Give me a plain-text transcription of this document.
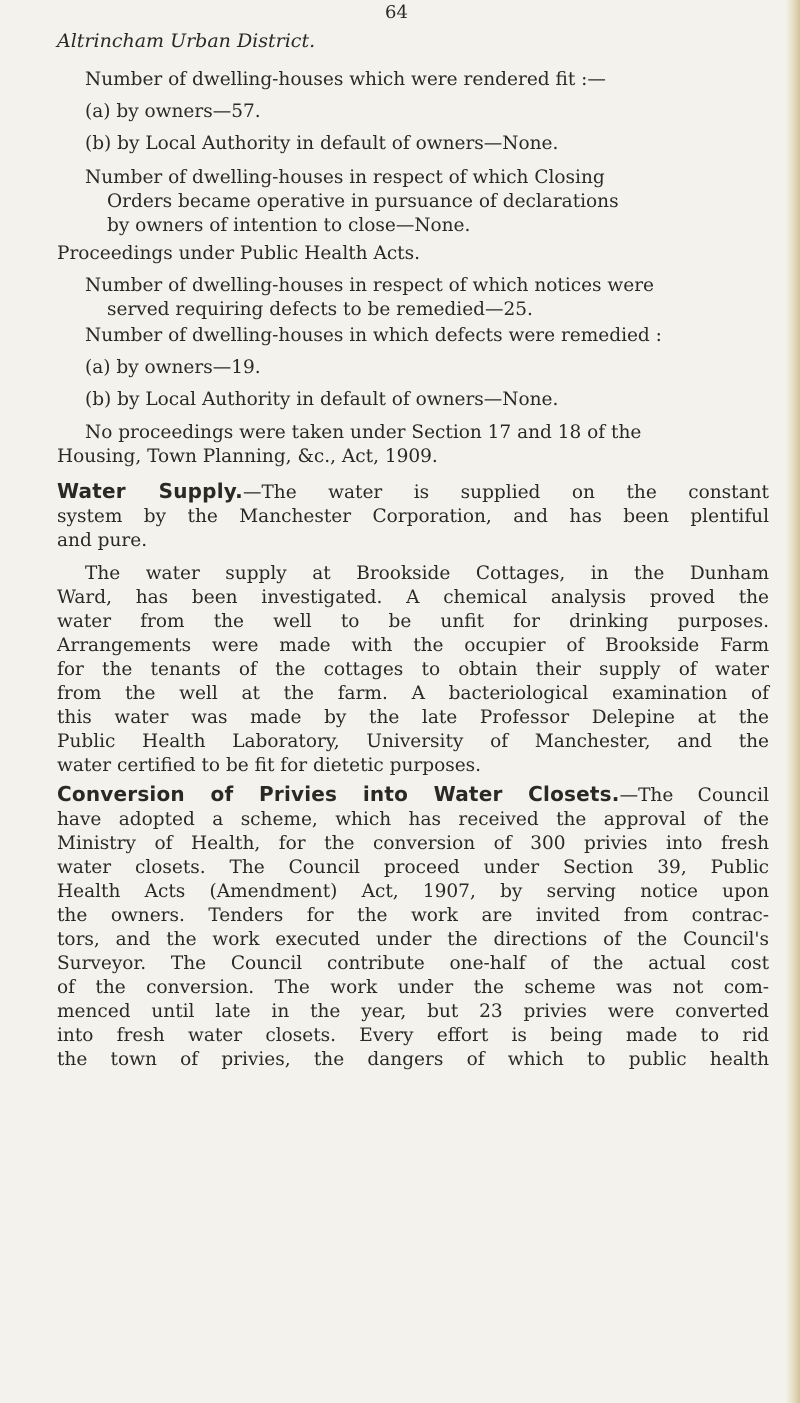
64
Altrincham Urban District.
Number of dwelling-houses which were rendered fit :—
(a) by owners—57.
(b) by Local Authority in default of owners—None.
Number of dwelling-houses in respect of which Closing
Orders became operative in pursuance of declarations
by owners of intention to close—None.
Proceedings under Public Health Acts.
Number of dwelling-houses in respect of which notices were
served requiring defects to be remedied—25.
Number of dwelling-houses in which defects were remedied :
(a) by owners—19.
(b) by Local Authority in default of owners—None.
No proceedings were taken under Section 17 and 18 of the
Housing, Town Planning, &c., Act, 1909.
Water Supply.—The water is supplied on the constant
system by the Manchester Corporation, and has been plentiful
and pure.
The water supply at Brookside Cottages, in the Dunham
Ward, has been investigated. A chemical analysis proved the
water from the well to be unfit for drinking purposes.
Arrangements were made with the occupier of Brookside Farm
for the tenants of the cottages to obtain their supply of water
from the well at the farm. A bacteriological examination of
this water was made by the late Professor Delepine at the
Public Health Laboratory, University of Manchester, and the
water certified to be fit for dietetic purposes.
Conversion of Privies into Water Closets.—The Council
have adopted a scheme, which has received the approval of the
Ministry of Health, for the conversion of 300 privies into fresh
water closets. The Council proceed under Section 39, Public
Health Acts (Amendment) Act, 1907, by serving notice upon
the owners. Tenders for the work are invited from contrac-
tors, and the work executed under the directions of the Council's
Surveyor. The Council contribute one-half of the actual cost
of the conversion. The work under the scheme was not com-
menced until late in the year, but 23 privies were converted
into fresh water closets. Every effort is being made to rid
the town of privies, the dangers of which to public health
